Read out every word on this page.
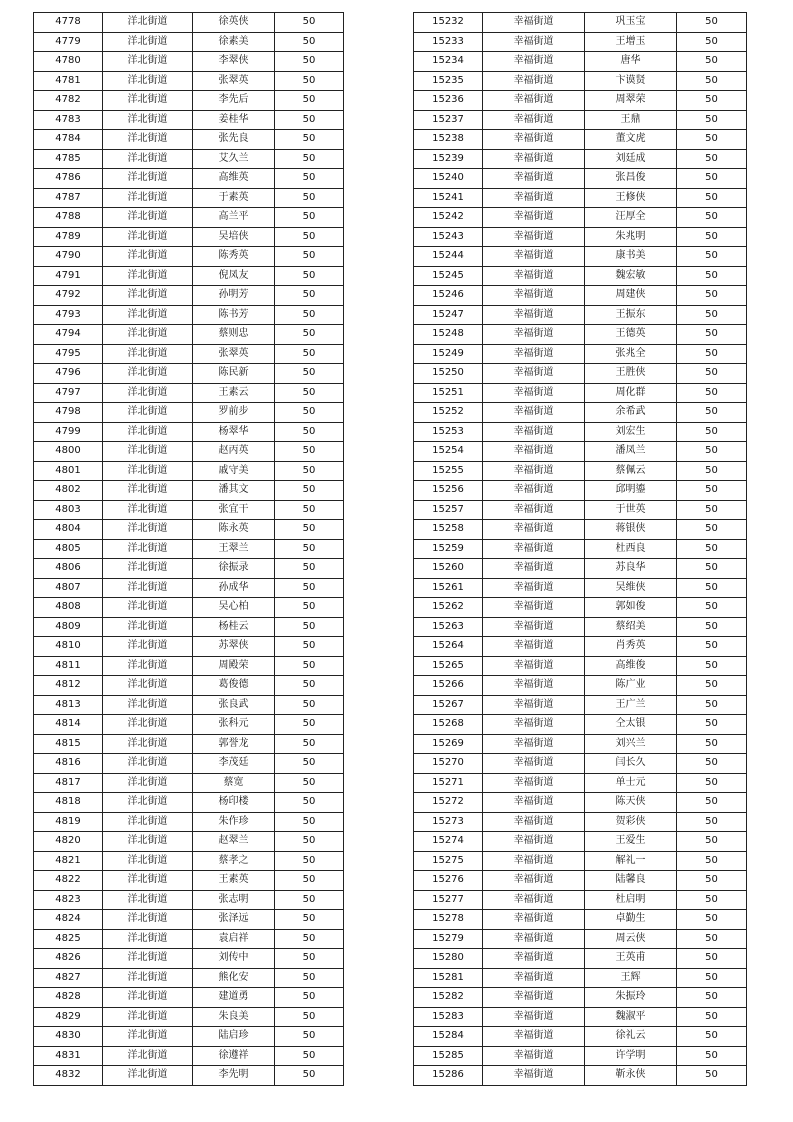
4778	洋北街道	徐英侠	50
4779	洋北街道	徐素美	50
4780	洋北街道	李翠侠	50
4781	洋北街道	张翠英	50
4782	洋北街道	李先后	50
4783	洋北街道	姜桂华	50
4784	洋北街道	张先良	50
4785	洋北街道	艾久兰	50
4786	洋北街道	高维英	50
4787	洋北街道	于素英	50
4788	洋北街道	高兰平	50
4789	洋北街道	吴培侠	50
4790	洋北街道	陈秀英	50
4791	洋北街道	倪凤友	50
4792	洋北街道	孙明芳	50
4793	洋北街道	陈书芳	50
4794	洋北街道	蔡则忠	50
4795	洋北街道	张翠英	50
4796	洋北街道	陈民新	50
4797	洋北街道	王素云	50
4798	洋北街道	罗前步	50
4799	洋北街道	杨翠华	50
4800	洋北街道	赵丙英	50
4801	洋北街道	戚守美	50
4802	洋北街道	潘其文	50
4803	洋北街道	张宜干	50
4804	洋北街道	陈永英	50
4805	洋北街道	王翠兰	50
4806	洋北街道	徐振录	50
4807	洋北街道	孙成华	50
4808	洋北街道	吴心柏	50
4809	洋北街道	杨桂云	50
4810	洋北街道	苏翠侠	50
4811	洋北街道	周殿荣	50
4812	洋北街道	葛俊德	50
4813	洋北街道	张良武	50
4814	洋北街道	张科元	50
4815	洋北街道	郭誉龙	50
4816	洋北街道	李茂廷	50
4817	洋北街道	蔡宽	50
4818	洋北街道	杨印楼	50
4819	洋北街道	朱作珍	50
4820	洋北街道	赵翠兰	50
4821	洋北街道	蔡孝之	50
4822	洋北街道	王素英	50
4823	洋北街道	张志明	50
4824	洋北街道	张泽远	50
4825	洋北街道	袁启祥	50
4826	洋北街道	刘传中	50
4827	洋北街道	熊化安	50
4828	洋北街道	建道勇	50
4829	洋北街道	朱良美	50
4830	洋北街道	陆启珍	50
4831	洋北街道	徐遵祥	50
4832	洋北街道	李先明	50
15232	幸福街道	巩玉宝	50
15233	幸福街道	王增玉	50
15234	幸福街道	唐华	50
15235	幸福街道	卞谟贤	50
15236	幸福街道	周翠荣	50
15237	幸福街道	王鼎	50
15238	幸福街道	董文虎	50
15239	幸福街道	刘廷成	50
15240	幸福街道	张昌俊	50
15241	幸福街道	王修侠	50
15242	幸福街道	汪厚全	50
15243	幸福街道	朱兆明	50
15244	幸福街道	康书美	50
15245	幸福街道	魏宏敏	50
15246	幸福街道	周建侠	50
15247	幸福街道	王振东	50
15248	幸福街道	王德英	50
15249	幸福街道	张兆全	50
15250	幸福街道	王胜侠	50
15251	幸福街道	周化群	50
15252	幸福街道	余希武	50
15253	幸福街道	刘宏生	50
15254	幸福街道	潘凤兰	50
15255	幸福街道	蔡佩云	50
15256	幸福街道	邱明鎏	50
15257	幸福街道	于世英	50
15258	幸福街道	蒋银侠	50
15259	幸福街道	杜西良	50
15260	幸福街道	苏良华	50
15261	幸福街道	吴维侠	50
15262	幸福街道	郭如俊	50
15263	幸福街道	蔡绍美	50
15264	幸福街道	肖秀英	50
15265	幸福街道	高维俊	50
15266	幸福街道	陈广业	50
15267	幸福街道	王广兰	50
15268	幸福街道	仝太银	50
15269	幸福街道	刘兴兰	50
15270	幸福街道	闫长久	50
15271	幸福街道	单士元	50
15272	幸福街道	陈天侠	50
15273	幸福街道	贺彩侠	50
15274	幸福街道	王爱生	50
15275	幸福街道	解礼一	50
15276	幸福街道	陆馨良	50
15277	幸福街道	杜启明	50
15278	幸福街道	卓勤生	50
15279	幸福街道	周云侠	50
15280	幸福街道	王英甫	50
15281	幸福街道	王辉	50
15282	幸福街道	朱振玲	50
15283	幸福街道	魏淑平	50
15284	幸福街道	徐礼云	50
15285	幸福街道	许学明	50
15286	幸福街道	靳永侠	50
